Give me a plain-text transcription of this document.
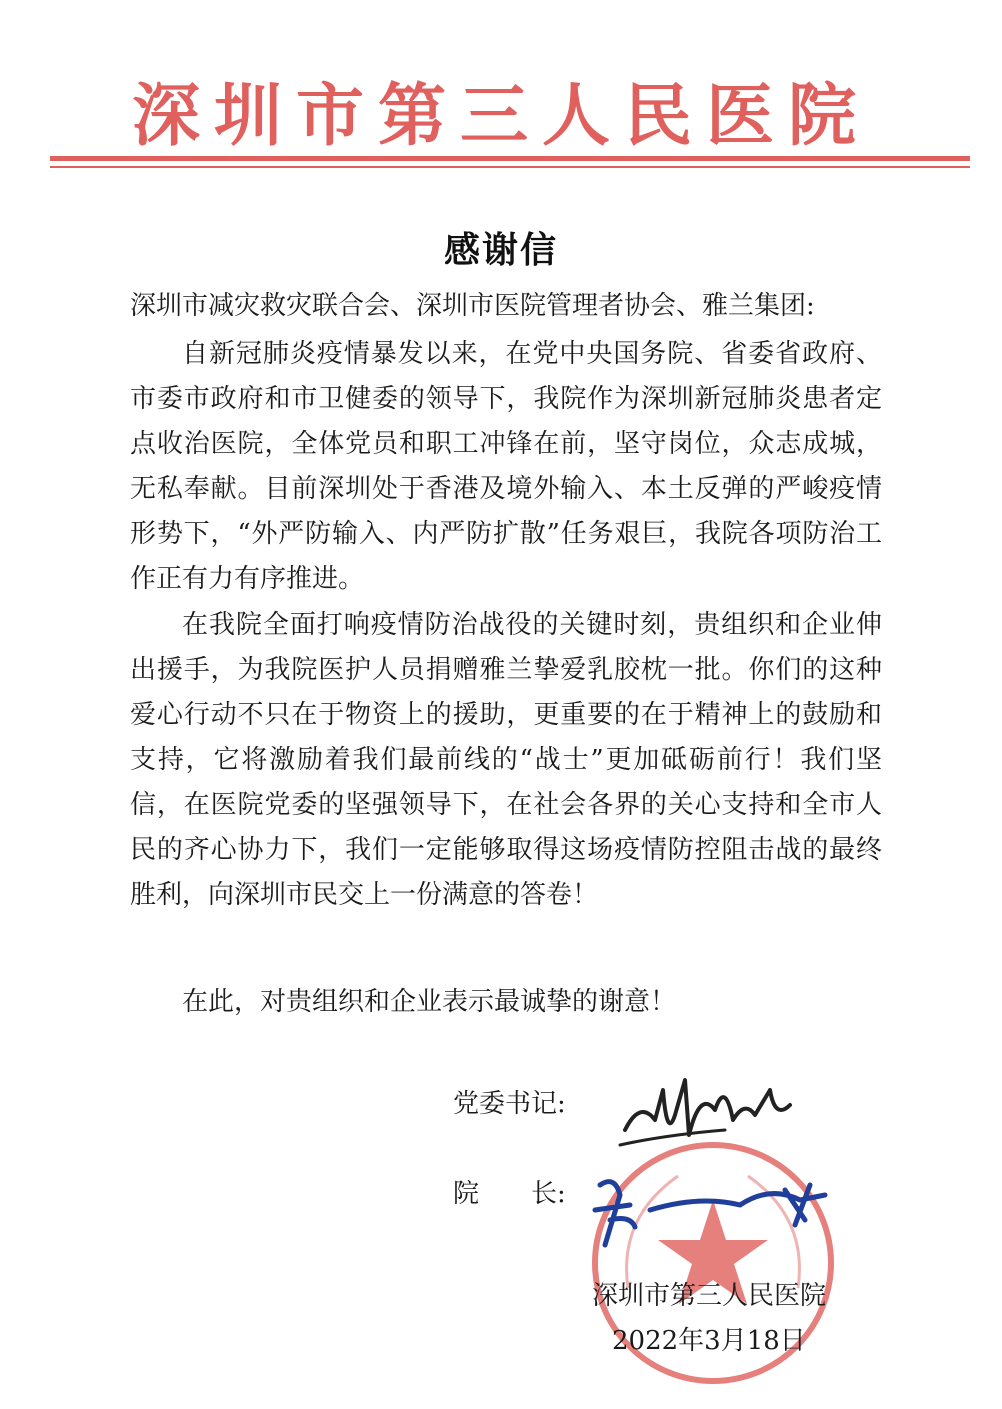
深圳市第三人民医院
感谢信
深圳市减灾救灾联合会、深圳市医院管理者协会、雅兰集团:
自新冠肺炎疫情暴发以来，在党中央国务院、省委省政府、市委市政府和市卫健委的领导下，我院作为深圳新冠肺炎患者定点收治医院，全体党员和职工冲锋在前，坚守岗位，众志成城，无私奉献。目前深圳处于香港及境外输入、本土反弹的严峻疫情形势下，“外严防输入、内严防扩散”任务艰巨，我院各项防治工作正有力有序推进。
在我院全面打响疫情防治战役的关键时刻，贵组织和企业伸出援手，为我院医护人员捐赠雅兰挚爱乳胶枕一批。你们的这种爱心行动不只在于物资上的援助，更重要的在于精神上的鼓励和支持，它将激励着我们最前线的“战士”更加砥砺前行！我们坚信，在医院党委的坚强领导下，在社会各界的关心支持和全市人民的齐心协力下，我们一定能够取得这场疫情防控阻击战的最终胜利，向深圳市民交上一份满意的答卷！
在此，对贵组织和企业表示最诚挚的谢意！
党委书记:
院　　长:
深圳市第三人民医院
2022年3月18日
